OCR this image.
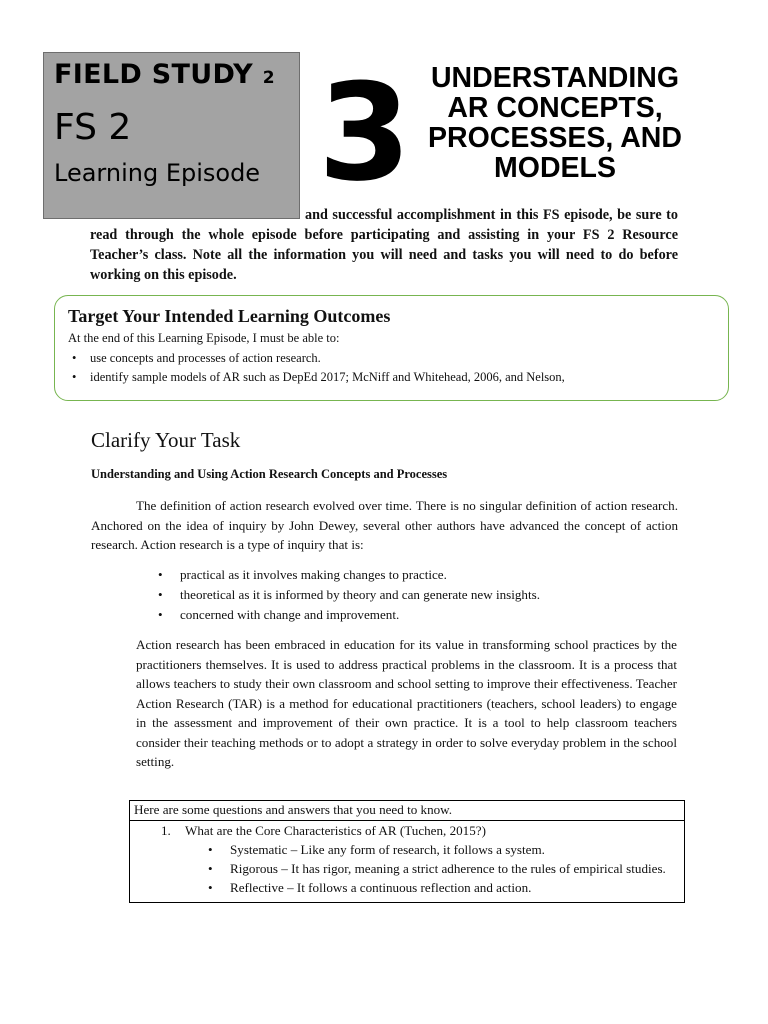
FIELD STUDY 2
FS 2
Learning Episode 3 UNDERSTANDING
AR CONCEPTS,
PROCESSES, AND
MODELS
and successful accomplishment in this FS episode, be sure to read through the whole episode before participating and assisting in your FS 2 Resource Teacher’s class. Note all the information you will need and tasks you will need to do before working on this episode.
Target Your Intended Learning Outcomes
At the end of this Learning Episode, I must be able to:
• use concepts and processes of action research.
• identify sample models of AR such as DepEd 2017; McNiff and Whitehead, 2006, and Nelson,
Clarify Your Task
Understanding and Using Action Research Concepts and Processes

The definition of action research evolved over time. There is no singular definition of action research. Anchored on the idea of inquiry by John Dewey, several other authors have advanced the concept of action research. Action research is a type of inquiry that is:

• practical as it involves making changes to practice.
• theoretical as it is informed by theory and can generate new insights.
• concerned with change and improvement.

Action research has been embraced in education for its value in transforming school practices by the practitioners themselves. It is used to address practical problems in the classroom. It is a process that allows teachers to study their own classroom and school setting to improve their effectiveness. Teacher Action Research (TAR) is a method for educational practitioners (teachers, school leaders) to engage in the assessment and improvement of their own practice. It is a tool to help classroom teachers consider their teaching methods or to adopt a strategy in order to solve everyday problem in the school setting.

Here are some questions and answers that you need to know.
1. What are the Core Characteristics of AR (Tuchen, 2015?)
• Systematic – Like any form of research, it follows a system.
• Rigorous – It has rigor, meaning a strict adherence to the rules of empirical studies.
• Reflective – It follows a continuous reflection and action.
